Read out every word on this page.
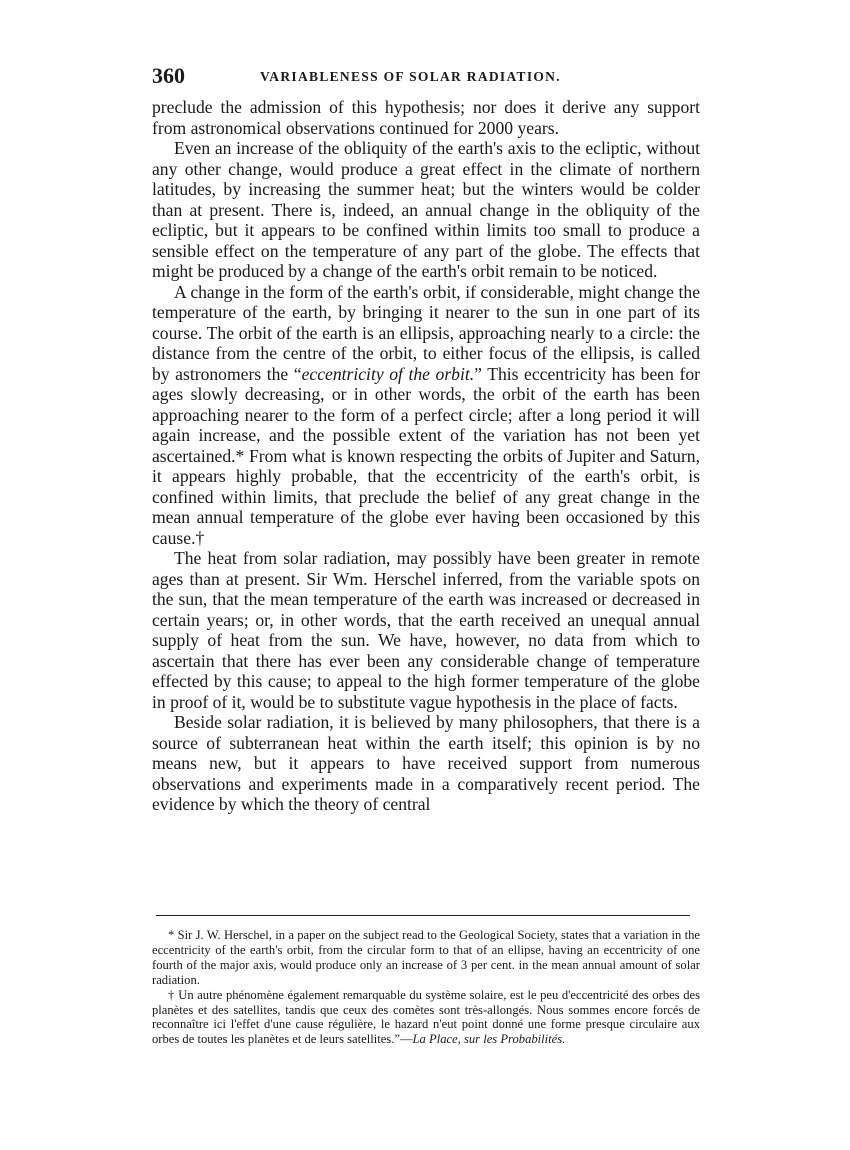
360	VARIABLENESS OF SOLAR RADIATION.

preclude the admission of this hypothesis; nor does it derive any support from astronomical observations continued for 2000 years.

Even an increase of the obliquity of the earth's axis to the ecliptic, without any other change, would produce a great effect in the climate of northern latitudes, by increasing the summer heat; but the winters would be colder than at present. There is, indeed, an annual change in the obliquity of the ecliptic, but it appears to be confined within limits too small to produce a sensible effect on the temperature of any part of the globe. The effects that might be produced by a change of the earth's orbit remain to be noticed.

A change in the form of the earth's orbit, if considerable, might change the temperature of the earth, by bringing it nearer to the sun in one part of its course. The orbit of the earth is an ellipsis, approaching nearly to a circle: the distance from the centre of the orbit, to either focus of the ellipsis, is called by astronomers the “eccentricity of the orbit.” This eccentricity has been for ages slowly decreasing, or in other words, the orbit of the earth has been approaching nearer to the form of a perfect circle; after a long period it will again increase, and the possible extent of the variation has not been yet ascertained.* From what is known respecting the orbits of Jupiter and Saturn, it appears highly probable, that the eccentricity of the earth's orbit, is confined within limits, that preclude the belief of any great change in the mean annual temperature of the globe ever having been occasioned by this cause.†

The heat from solar radiation, may possibly have been greater in remote ages than at present. Sir Wm. Herschel inferred, from the variable spots on the sun, that the mean temperature of the earth was increased or decreased in certain years; or, in other words, that the earth received an unequal annual supply of heat from the sun. We have, however, no data from which to ascertain that there has ever been any considerable change of temperature effected by this cause; to appeal to the high former temperature of the globe in proof of it, would be to substitute vague hypothesis in the place of facts.

Beside solar radiation, it is believed by many philosophers, that there is a source of subterranean heat within the earth itself; this opinion is by no means new, but it appears to have received support from numerous observations and experiments made in a comparatively recent period. The evidence by which the theory of central

* Sir J. W. Herschel, in a paper on the subject read to the Geological Society, states that a variation in the eccentricity of the earth's orbit, from the circular form to that of an ellipse, having an eccentricity of one fourth of the major axis, would produce only an increase of 3 per cent. in the mean annual amount of solar radiation.

† Un autre phénomène également remarquable du système solaire, est le peu d'eccentricité des orbes des planètes et des satellites, tandis que ceux des comètes sont très-allongés. Nous sommes encore forcés de reconnaître ici l'effet d'une cause régulière, le hazard n'eut point donné une forme presque circulaire aux orbes de toutes les planètes et de leurs satellites.”—La Place, sur les Probabilités.
